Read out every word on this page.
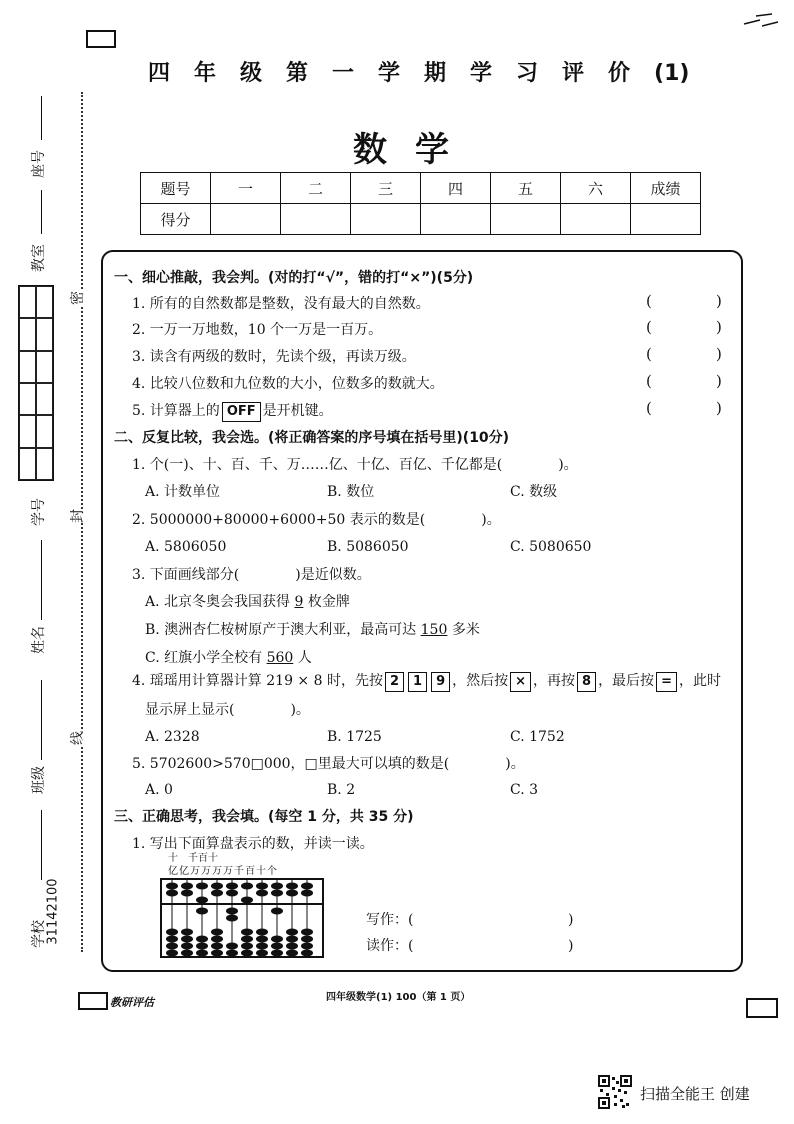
密
封
线
座号
教室
学号
姓名
班级
学校
3114210​0
四年级第一学期学习评价(1)
数学
题号	一	二	三	四	五	六	成绩
得分							
一、细心推敲，我会判。(对的打“√”，错的打“×”)(5分)
1. 所有的自然数都是整数，没有最大的自然数。	(	)
2. 一万一万地数，10 个一万是一百万。	(	)
3. 读含有两级的数时，先读个级，再读万级。	(	)
4. 比较八位数和九位数的大小，位数多的数就大。	(	)
5. 计算器上的 OFF 是开机键。	(	)
二、反复比较，我会选。(将正确答案的序号填在括号里)(10分)
1. 个(一)、十、百、千、万……亿、十亿、百亿、千亿都是(　　　　)。
A. 计数单位	B. 数位	C. 数级
2. 5000000+80000+6000+50 表示的数是(　　　　)。
A. 5806050	B. 5086050	C. 5080650
3. 下面画线部分(　　　　)是近似数。
A. 北京冬奥会我国获得 9 枚金牌
B. 澳洲杏仁桉树原产于澳大利亚，最高可达 150 多米
C. 红旗小学全校有 560 人
4. 瑶瑶用计算器计算 219 × 8 时，先按 2 1 9 ，然后按 × ，再按 8 ，最后按 = ，此时
显示屏上显示(　　　　)。
A. 2328	B. 1725	C. 1752
5. 5702600>570□000，□里最大可以填的数是(　　　　)。
A. 0	B. 2	C. 3
三、正确思考，我会填。(每空 1 分，共 35 分)
1. 写出下面算盘表示的数，并读一读。
十　千百十
亿亿万万万万千百十个
写作：(	)
读作：(	)
教研评估	四年级数学(1) 100（第 1 页）
扫描全能王 创建
